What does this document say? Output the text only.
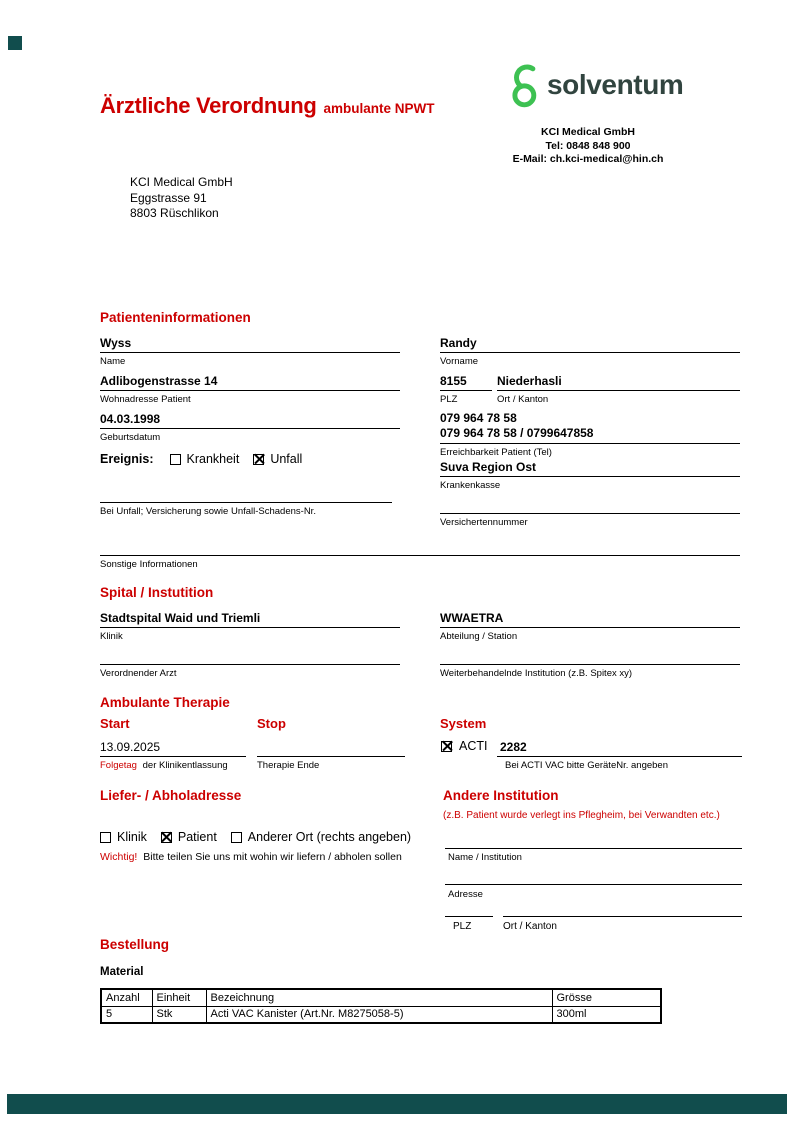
Ärztliche Verordnung ambulante NPWT
solventum
KCI Medical GmbH
Tel: 0848 848 900
E-Mail: ch.kci-medical@hin.ch
KCI Medical GmbH
Eggstrasse 91
8803 Rüschlikon
Patienteninformationen
Wyss
Name
Adlibogenstrasse 14
Wohnadresse Patient
04.03.1998
Geburtsdatum
Ereignis:	Krankheit Unfall
Bei Unfall; Versicherung sowie Unfall-Schadens-Nr.
Randy
Vorname
8155	Niederhasli
PLZ	Ort / Kanton
079 964 78 58
079 964 78 58 / 0799647858
Erreichbarkeit Patient (Tel)
Suva Region Ost
Krankenkasse
Versichertennummer
Sonstige Informationen
Spital / Instutition
Stadtspital Waid und Triemli
Klinik
WWAETRA
Abteilung / Station
Verordnender Arzt	Weiterbehandelnde Institution (z.B. Spitex xy)
Ambulante Therapie
Start	Stop	System
13.09.2025
Folgetag der Klinikentlassung	Therapie Ende
ACTI 2282
Bei ACTI VAC bitte GeräteNr. angeben
Liefer- / Abholadresse
Klinik Patient Anderer Ort (rechts angeben)
Wichtig! Bitte teilen Sie uns mit wohin wir liefern / abholen sollen
Andere Institution
(z.B. Patient wurde verlegt ins Pflegheim, bei Verwandten etc.)
Name / Institution
Adresse
PLZ	Ort / Kanton
Bestellung
Material
Anzahl	Einheit	Bezeichnung	Grösse
5	Stk	Acti VAC Kanister (Art.Nr. M8275058-5)	300ml
